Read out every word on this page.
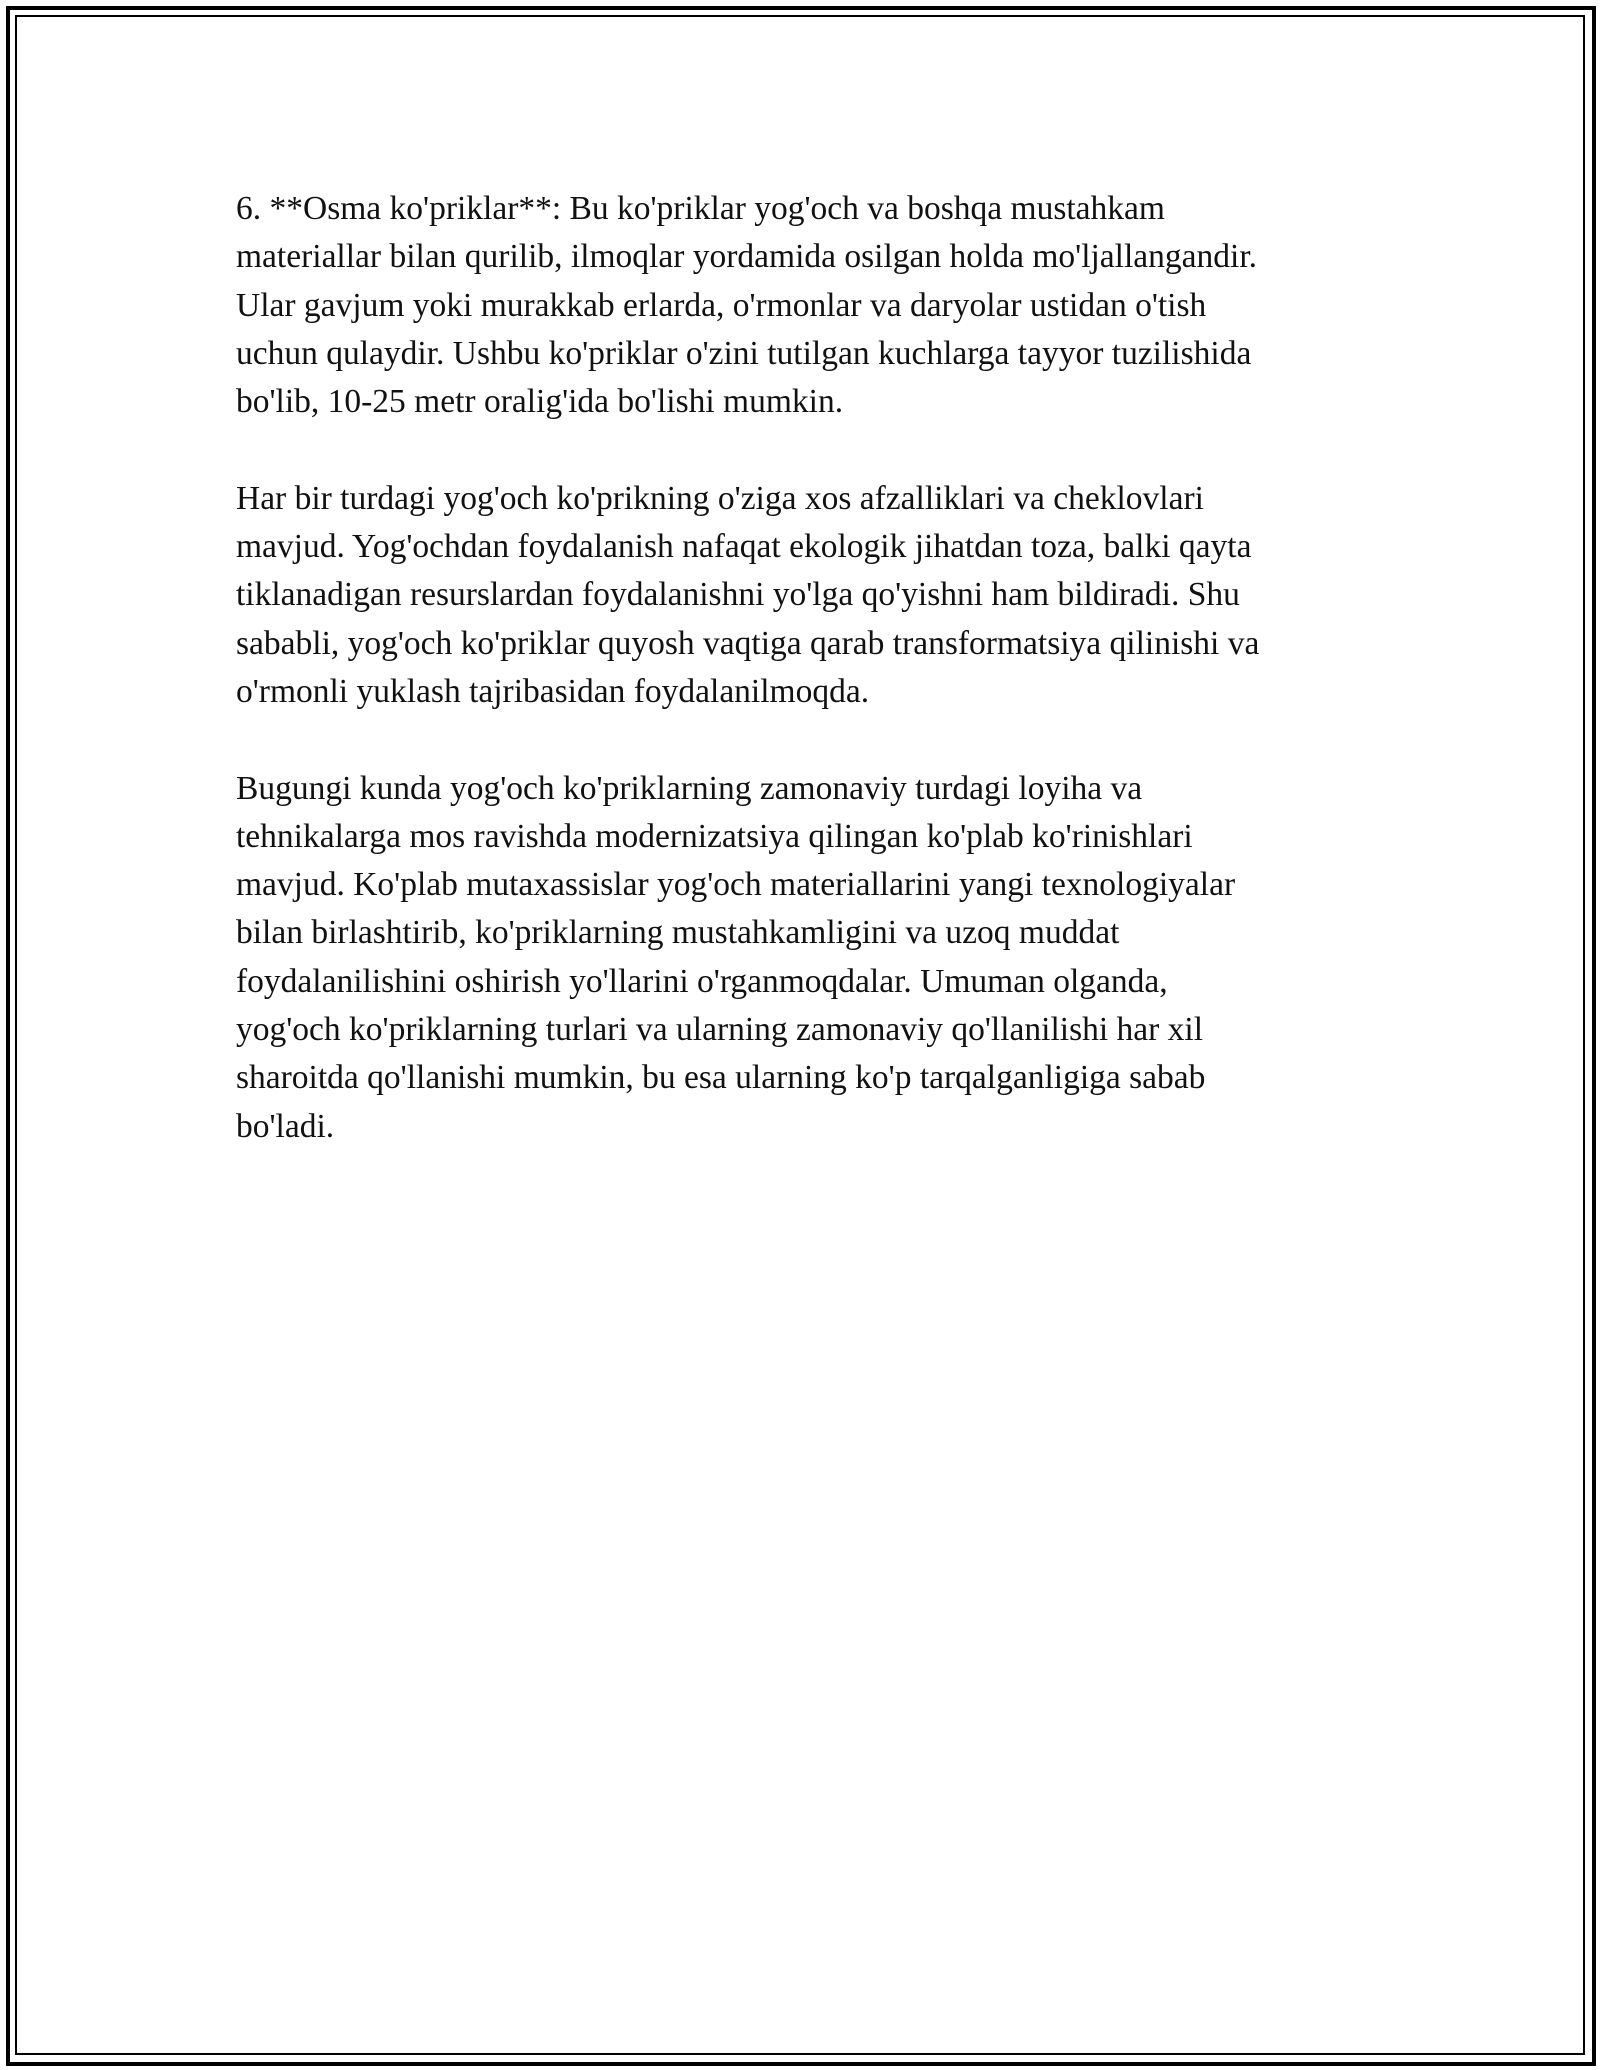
6. **Osma ko'priklar**: Bu ko'priklar yog'och va boshqa mustahkam
materiallar bilan qurilib, ilmoqlar yordamida osilgan holda mo'ljallangandir.
Ular gavjum yoki murakkab erlarda, o'rmonlar va daryolar ustidan o'tish
uchun qulaydir. Ushbu ko'priklar o'zini tutilgan kuchlarga tayyor tuzilishida
bo'lib, 10-25 metr oralig'ida bo'lishi mumkin.

Har bir turdagi yog'och ko'prikning o'ziga xos afzalliklari va cheklovlari
mavjud. Yog'ochdan foydalanish nafaqat ekologik jihatdan toza, balki qayta
tiklanadigan resurslardan foydalanishni yo'lga qo'yishni ham bildiradi. Shu
sababli, yog'och ko'priklar quyosh vaqtiga qarab transformatsiya qilinishi va
o'rmonli yuklash tajribasidan foydalanilmoqda.

Bugungi kunda yog'och ko'priklarning zamonaviy turdagi loyiha va
tehnikalarga mos ravishda modernizatsiya qilingan ko'plab ko'rinishlari
mavjud. Ko'plab mutaxassislar yog'och materiallarini yangi texnologiyalar
bilan birlashtirib, ko'priklarning mustahkamligini va uzoq muddat
foydalanilishini oshirish yo'llarini o'rganmoqdalar. Umuman olganda,
yog'och ko'priklarning turlari va ularning zamonaviy qo'llanilishi har xil
sharoitda qo'llanishi mumkin, bu esa ularning ko'p tarqalganligiga sabab
bo'ladi.
